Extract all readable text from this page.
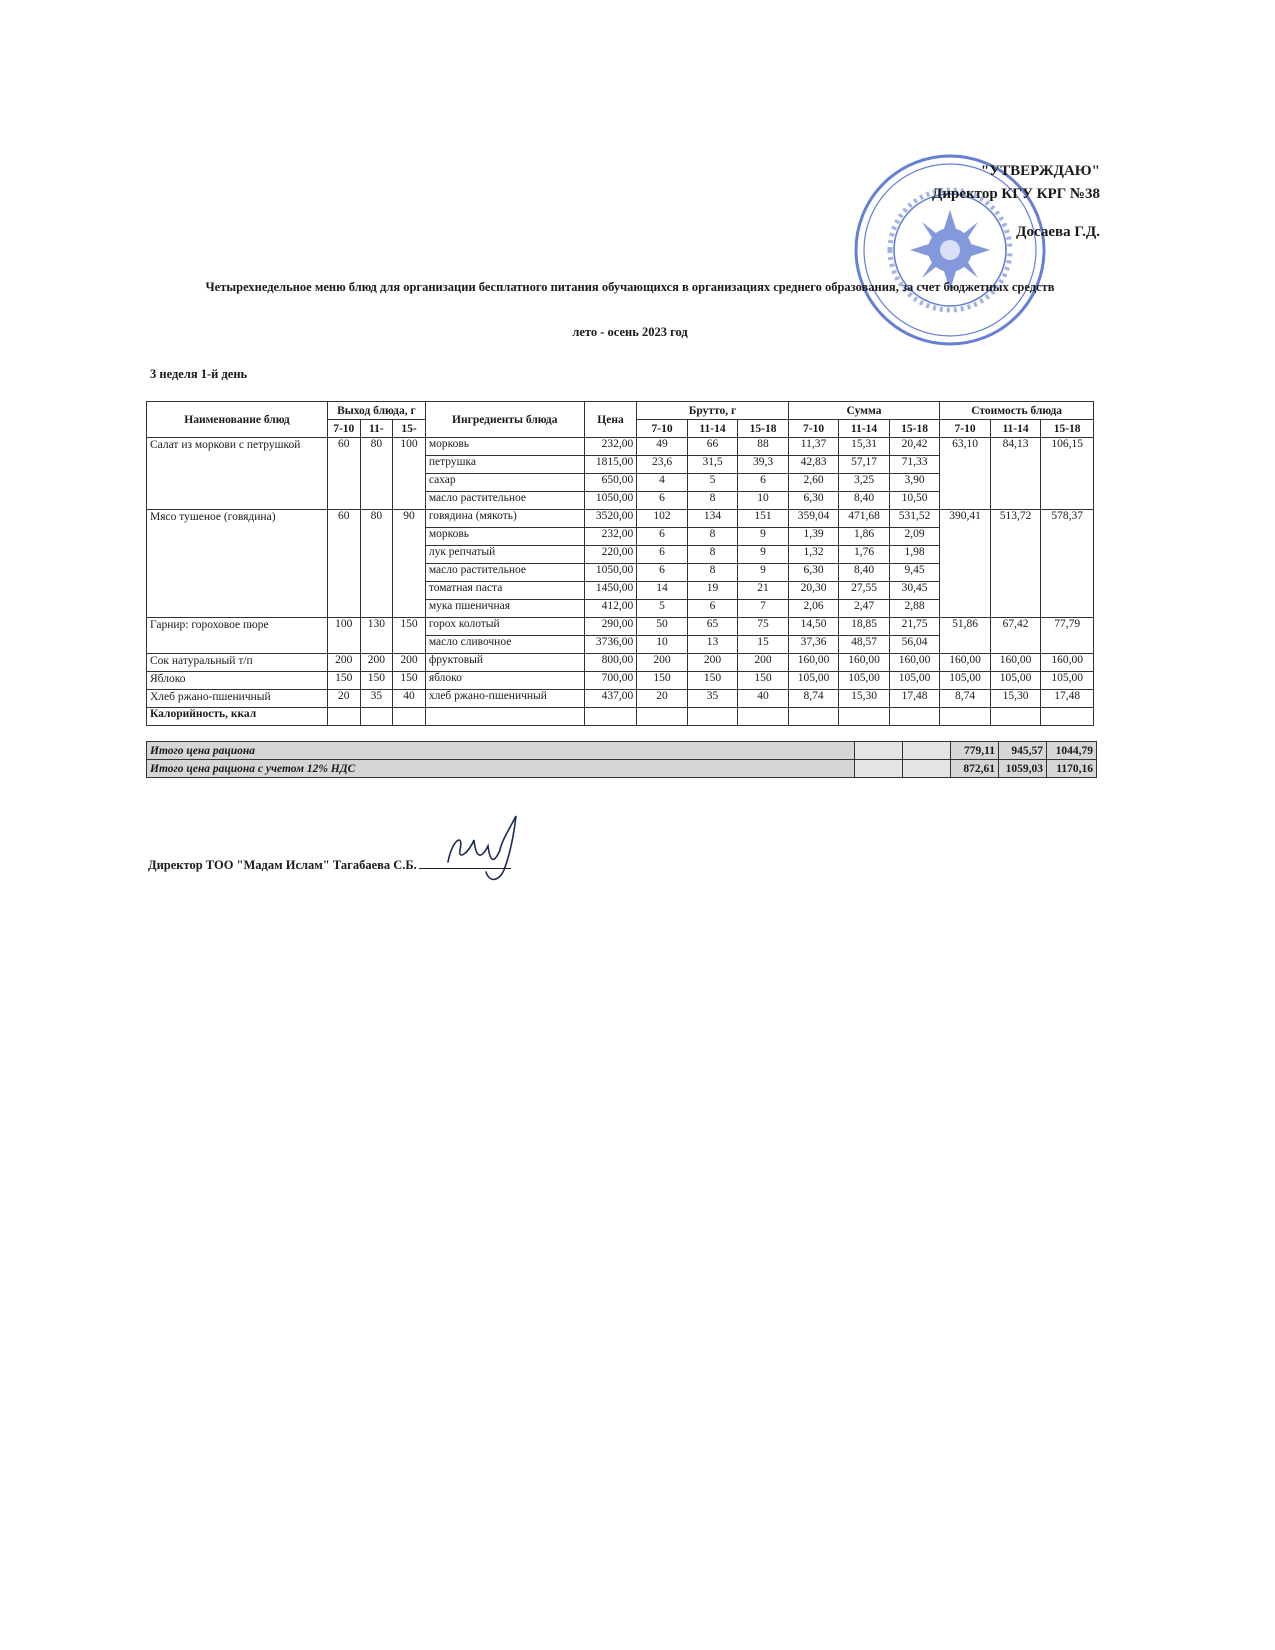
"УТВЕРЖДАЮ"
Директор КГУ КРГ №38
Досаева Г.Д.
Четырехнедельное меню блюд для организации бесплатного питания обучающихся в организациях среднего образования, за счет бюджетных средств
лето - осень 2023 год
3 неделя 1-й день
Наименование блюд	Выход блюда, г			Ингредиенты блюда	Цена	Брутто, г			Сумма			Стоимость блюда		
	7-10	11-	15-			7-10	11-14	15-18	7-10	11-14	15-18	7-10	11-14	15-18
Салат из моркови с петрушкой	60	80	100	морковь	232,00	49	66	88	11,37	15,31	20,42	63,10	84,13	106,15
				петрушка	1815,00	23,6	31,5	39,3	42,83	57,17	71,33			
				сахар	650,00	4	5	6	2,60	3,25	3,90			
				масло растительное	1050,00	6	8	10	6,30	8,40	10,50			
Мясо тушеное (говядина)	60	80	90	говядина (мякоть)	3520,00	102	134	151	359,04	471,68	531,52	390,41	513,72	578,37
				морковь	232,00	6	8	9	1,39	1,86	2,09			
				лук репчатый	220,00	6	8	9	1,32	1,76	1,98			
				масло растительное	1050,00	6	8	9	6,30	8,40	9,45			
				томатная паста	1450,00	14	19	21	20,30	27,55	30,45			
				мука пшеничная	412,00	5	6	7	2,06	2,47	2,88			
Гарнир: гороховое пюре	100	130	150	горох колотый	290,00	50	65	75	14,50	18,85	21,75	51,86	67,42	77,79
				масло сливочное	3736,00	10	13	15	37,36	48,57	56,04			
Сок натуральный т/п	200	200	200	фруктовый	800,00	200	200	200	160,00	160,00	160,00	160,00	160,00	160,00
Яблоко	150	150	150	яблоко	700,00	150	150	150	105,00	105,00	105,00	105,00	105,00	105,00
Хлеб ржано-пшеничный	20	35	40	хлеб ржано-пшеничный	437,00	20	35	40	8,74	15,30	17,48	8,74	15,30	17,48
Калорийность, ккал														
Итого цена рациона			779,11	945,57	1044,79
Итого цена рациона с учетом 12% НДС			872,61	1059,03	1170,16
Директор ТОО "Мадам Ислам" Тагабаева С.Б.
